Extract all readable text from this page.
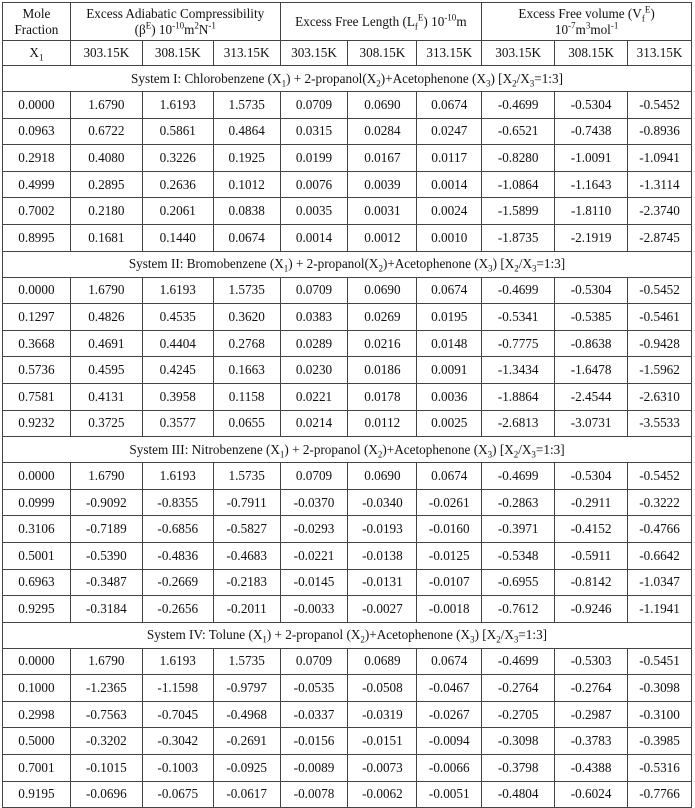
Mole
Fraction	Excess Adiabatic Compressibility
$(\beta^E)$ $10^{-10}m^2N^{-1}$			Excess Free Length $(L_f^E)$ $10^{-10}m$			Excess Free volume $(V_f^E)$
$10^{-7}m^3mol^{-1}$
$X_1$	303.15K	308.15K	313.15K	303.15K	308.15K	313.15K	303.15K	308.15K	313.15K
System I: Chlorobenzene $(X_1)$ + $2-propanol(X_2)+Acetophenone$ $(X_3)$ $[X_2/X_3=1:3]$									
0.0000	1.6790	1.6193	1.5735	0.0709	0.0690	0.0674	-0.4699	-0.5304	-0.5452
0.0963	0.6722	0.5861	0.4864	0.0315	0.0284	0.0247	-0.6521	-0.7438	-0.8936
0.2918	0.4080	0.3226	0.1925	0.0199	0.0167	0.0117	-0.8280	-1.0091	-1.0941
0.4999	0.2895	0.2636	0.1012	0.0076	0.0039	0.0014	-1.0864	-1.1643	-1.3114
0.7002	0.2180	0.2061	0.0838	0.0035	0.0031	0.0024	-1.5899	-1.8110	-2.3740
0.8995	0.1681	0.1440	0.0674	0.0014	0.0012	0.0010	-1.8735	-2.1919	-2.8745
System II: Bromobenzene $(X_1)$ + $2-propanol(X_2)+Acetophenone$ $(X_3)$ $[X_2/X_3=1:3]$									
0.0000	1.6790	1.6193	1.5735	0.0709	0.0690	0.0674	-0.4699	-0.5304	-0.5452
0.1297	0.4826	0.4535	0.3620	0.0383	0.0269	0.0195	-0.5341	-0.5385	-0.5461
0.3668	0.4691	0.4404	0.2768	0.0289	0.0216	0.0148	-0.7775	-0.8638	-0.9428
0.5736	0.4595	0.4245	0.1663	0.0230	0.0186	0.0091	-1.3434	-1.6478	-1.5962
0.7581	0.4131	0.3958	0.1158	0.0221	0.0178	0.0036	-1.8864	-2.4544	-2.6310
0.9232	0.3725	0.3577	0.0655	0.0214	0.0112	0.0025	-2.6813	-3.0731	-3.5533
System III: Nitrobenzene $(X_1)$ + 2-propanol $(X_2)+Acetophenone$ $(X_3)$ $[X_2/X_3=1:3]$									
0.0000	1.6790	1.6193	1.5735	0.0709	0.0690	0.0674	-0.4699	-0.5304	-0.5452
0.0999	-0.9092	-0.8355	-0.7911	-0.0370	-0.0340	-0.0261	-0.2863	-0.2911	-0.3222
0.3106	-0.7189	-0.6856	-0.5827	-0.0293	-0.0193	-0.0160	-0.3971	-0.4152	-0.4766
0.5001	-0.5390	-0.4836	-0.4683	-0.0221	-0.0138	-0.0125	-0.5348	-0.5911	-0.6642
0.6963	-0.3487	-0.2669	-0.2183	-0.0145	-0.0131	-0.0107	-0.6955	-0.8142	-1.0347
0.9295	-0.3184	-0.2656	-0.2011	-0.0033	-0.0027	-0.0018	-0.7612	-0.9246	-1.1941
System IV: Tolune $(X_1)$ + 2-propanol $(X_2)+Acetophenone$ $(X_3)$ $[X_2/X_3=1:3]$									
0.0000	1.6790	1.6193	1.5735	0.0709	0.0689	0.0674	-0.4699	-0.5303	-0.5451
0.1000	-1.2365	-1.1598	-0.9797	-0.0535	-0.0508	-0.0467	-0.2764	-0.2764	-0.3098
0.2998	-0.7563	-0.7045	-0.4968	-0.0337	-0.0319	-0.0267	-0.2705	-0.2987	-0.3100
0.5000	-0.3202	-0.3042	-0.2691	-0.0156	-0.0151	-0.0094	-0.3098	-0.3783	-0.3985
0.7001	-0.1015	-0.1003	-0.0925	-0.0089	-0.0073	-0.0066	-0.3798	-0.4388	-0.5316
0.9195	-0.0696	-0.0675	-0.0617	-0.0078	-0.0062	-0.0051	-0.4804	-0.6024	-0.7766
